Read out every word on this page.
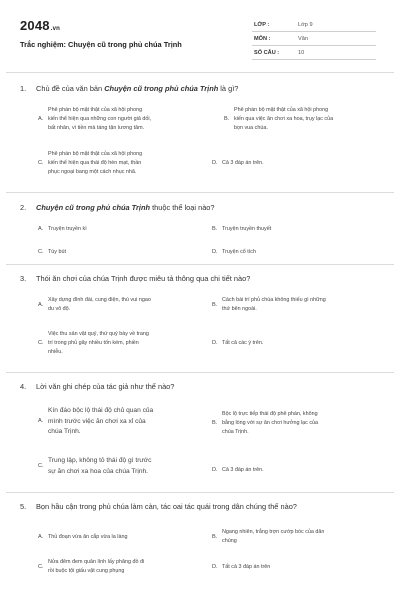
2048.vn
Trắc nghiệm: Chuyện cũ trong phủ chúa Trịnh
LỚP :	Lớp 9
MÔN :	Văn
SỐ CÂU :	10
1. Chủ đề của văn bản Chuyện cũ trong phủ chúa Trịnh là gì?
A.
Phê phán bộ mặt thật của xã hội phong
kiến thể hiện qua những con người giả dối,
bất nhân, vì tiền mà táng tận lương tâm.
B.
Phê phán bộ mặt thật của xã hội phong
kiến qua việc ăn chơi xa hoa, trụy lạc của
bọn vua chúa.
C.
Phê phán bộ mặt thật của xã hội phong
kiến thể hiện qua thái độ hèn mạt, thần
phục ngoại bang một cách nhục nhã.
D. Cả 3 đáp án trên.
2. Chuyện cũ trong phủ chúa Trịnh thuộc thể loại nào?
A. Truyện truyền kì	B. Truyện truyền thuyết
C. Tùy bút	D. Truyện cổ tích
3. Thói ăn chơi của chúa Trịnh được miêu tả thông qua chi tiết nào?
A.
Xây dựng đình đài, cung điện, thú vui ngao
du vô độ.
B.
Cách bài trí phủ chúa không thiếu gì những
thứ bên ngoài.
C.
Việc thu sản vật quý, thứ quý bày về trang
trí trong phủ gây nhiều tốn kém, phiền
nhiễu.
D. Tất cả các ý trên.
4. Lời văn ghi chép của tác giả như thế nào?
A.
Kín đáo bộc lộ thái độ chủ quan của
mình trước việc ăn chơi xa xỉ của
chúa Trịnh.
B.
Bộc lộ trực tiếp thái độ phê phán, không
bằng lòng với sự ăn chơi hưởng lạc của
chúa Trịnh.
C.
Trung lập, không tỏ thái độ gì trước
sự ăn chơi xa hoa của chúa Trịnh.	D. Cả 3 đáp án trên.
5. Bọn hầu cận trong phủ chúa làm càn, tác oai tác quái trong dân chúng thế nào?
A. Thủ đoạn vừa ăn cắp vừa la làng	B.
Ngang nhiên, trắng trợn cướp bóc của dân
chúng
C.
Nửa đêm đem quân lính lấy phăng đồ đi
rồi buộc tội giấu vật cung phụng
D. Tất cả 3 đáp án trên
